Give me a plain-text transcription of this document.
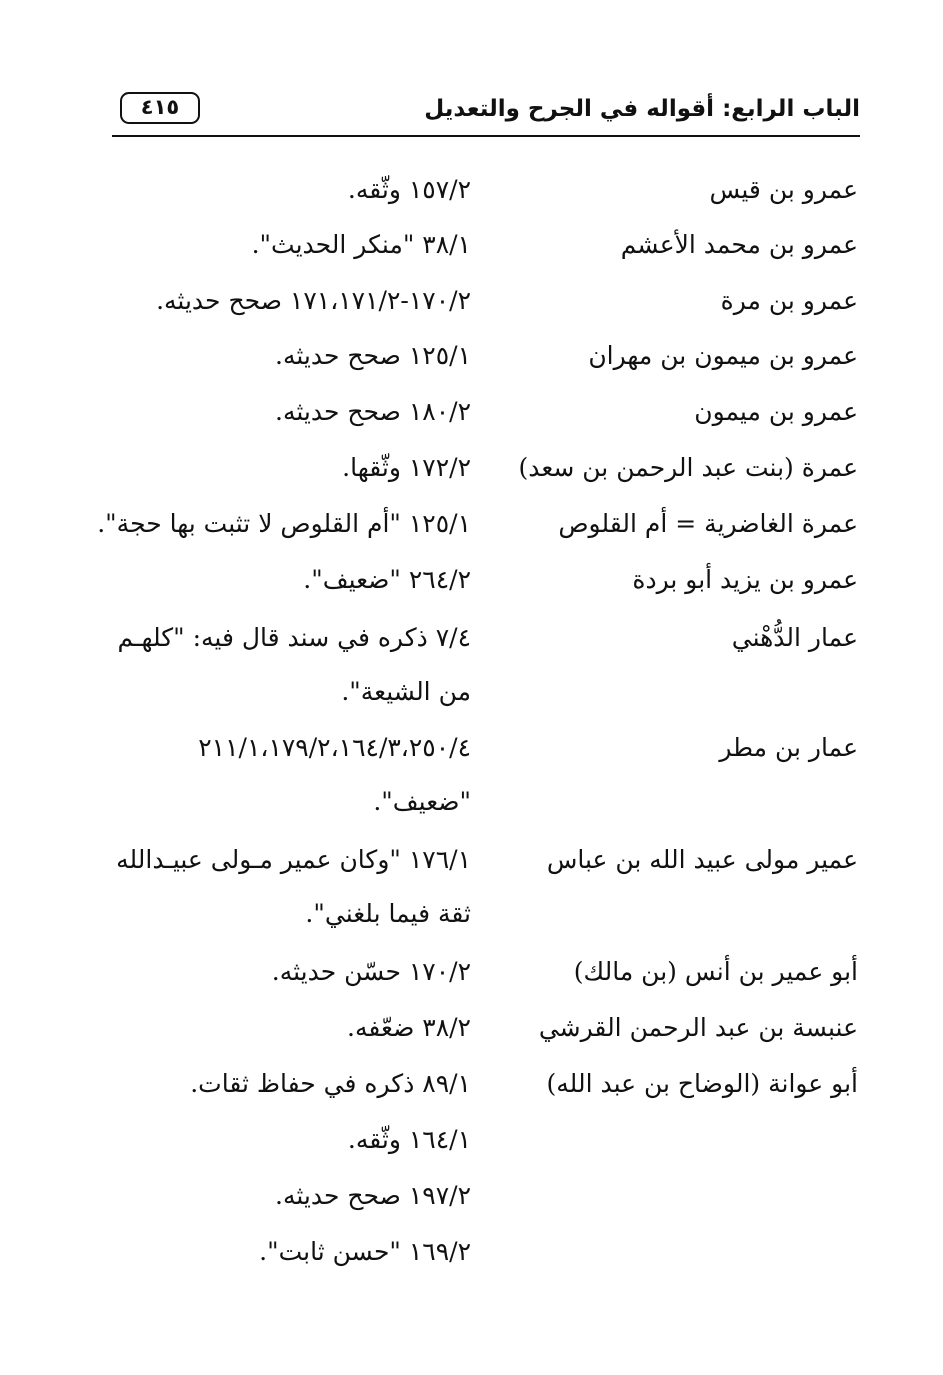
الباب الرابع: أقواله في الجرح والتعديل
٤١٥
عمرو بن قيس
١٥٧/٢ وثّقه.
عمرو بن محمد الأعشم
٣٨/١ "منكر الحديث".
عمرو بن مرة
١٧٠/٢-١٧١،١٧١/٢ صحح حديثه.
عمرو بن ميمون بن مهران
١٢٥/١ صحح حديثه.
عمرو بن ميمون
١٨٠/٢ صحح حديثه.
عمرة (بنت عبد الرحمن بن سعد)
١٧٢/٢ وثّقها.
عمرة الغاضرية = أم القلوص
١٢٥/١ "أم القلوص لا تثبت بها حجة".
عمرو بن يزيد أبو بردة
٢٦٤/٢ "ضعيف".
عمار الدُّهْني
٧/٤ ذكره في سند قال فيه: "كلهـم
من الشيعة".
عمار بن مطر
٢١١/١،١٧٩/٢،١٦٤/٣،٢٥٠/٤
"ضعيف".
عمير مولى عبيد الله بن عباس
١٧٦/١ "وكان عمير مـولى عبيـدالله
ثقة فيما بلغني".
أبو عمير بن أنس (بن مالك)
١٧٠/٢ حسّن حديثه.
عنبسة بن عبد الرحمن القرشي
٣٨/٢ ضعّفه.
أبو عوانة (الوضاح بن عبد الله)
٨٩/١ ذكره في حفاظ ثقات.
١٦٤/١ وثّقه.
١٩٧/٢ صحح حديثه.
١٦٩/٢ "حسن ثابت".
